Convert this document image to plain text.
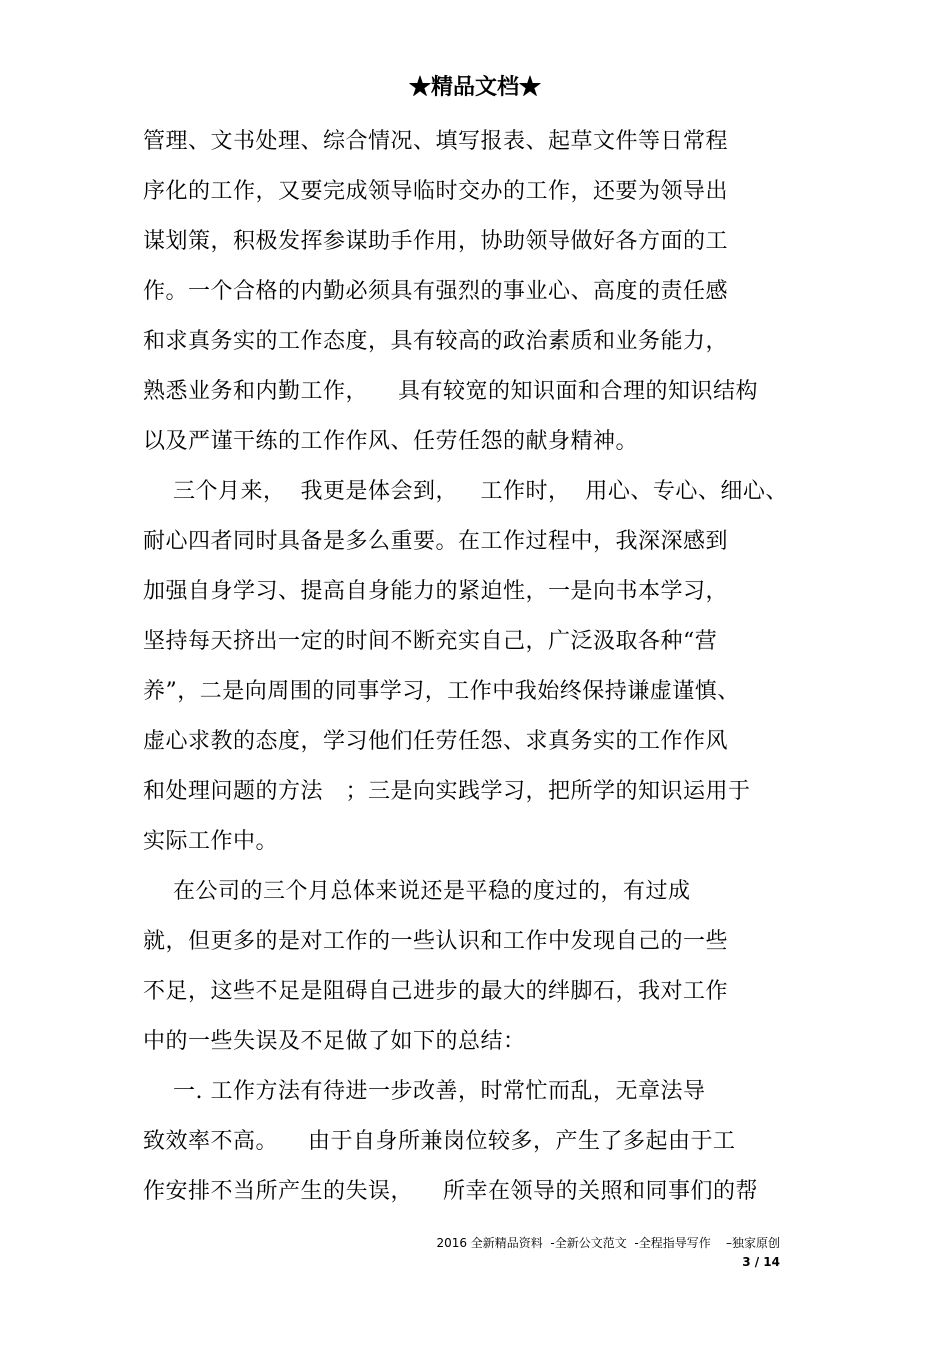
★精品文档★
管理、文书处理、综合情况、填写报表、起草文件等日常程
序化的工作，又要完成领导临时交办的工作，还要为领导出
谋划策，积极发挥参谋助手作用，协助领导做好各方面的工
作。一个合格的内勤必须具有强烈的事业心、高度的责任感
和求真务实的工作态度，具有较高的政治素质和业务能力，
熟悉业务和内勤工作，    具有较宽的知识面和合理的知识结构
以及严谨干练的工作作风、任劳任怨的献身精神。
三个月来，  我更是体会到，   工作时，  用心、专心、细心、
耐心四者同时具备是多么重要。在工作过程中，我深深感到
加强自身学习、提高自身能力的紧迫性，一是向书本学习，
坚持每天挤出一定的时间不断充实自己，广泛汲取各种“营
养”，二是向周围的同事学习，工作中我始终保持谦虚谨慎、
虚心求教的态度，学习他们任劳任怨、求真务实的工作作风
和处理问题的方法   ；三是向实践学习，把所学的知识运用于
实际工作中。
在公司的三个月总体来说还是平稳的度过的，有过成
就，但更多的是对工作的一些认识和工作中发现自己的一些
不足，这些不足是阻碍自己进步的最大的绊脚石，我对工作
中的一些失误及不足做了如下的总结：
一. 工作方法有待进一步改善，时常忙而乱，无章法导
致效率不高。    由于自身所兼岗位较多，产生了多起由于工
作安排不当所产生的失误，    所幸在领导的关照和同事们的帮
2016 全新精品资料  -全新公文范文  -全程指导写作    –独家原创
3 / 14
